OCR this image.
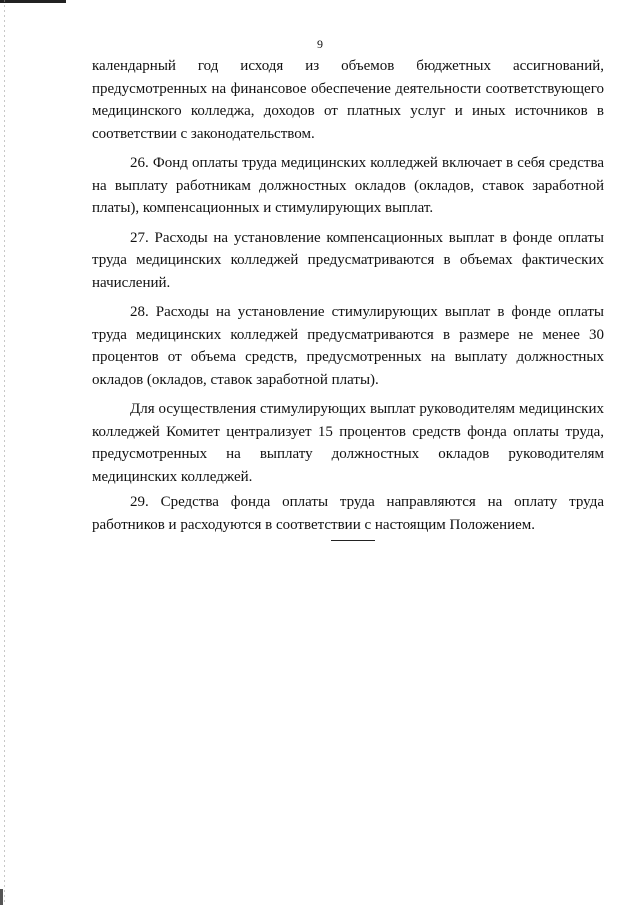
9

календарный год исходя из объемов бюджетных ассигнований, предусмотренных на финансовое обеспечение деятельности соответствующего медицинского колледжа, доходов от платных услуг и иных источников в соответствии с законодательством.

26. Фонд оплаты труда медицинских колледжей включает в себя средства на выплату работникам должностных окладов (окладов, ставок заработной платы), компенсационных и стимулирующих выплат.

27. Расходы на установление компенсационных выплат в фонде оплаты труда медицинских колледжей предусматриваются в объемах фактических начислений.

28. Расходы на установление стимулирующих выплат в фонде оплаты труда медицинских колледжей предусматриваются в размере не менее 30 процентов от объема средств, предусмотренных на выплату должностных окладов (окладов, ставок заработной платы).

Для осуществления стимулирующих выплат руководителям медицинских колледжей Комитет централизует 15 процентов средств фонда оплаты труда, предусмотренных на выплату должностных окладов руководителям медицинских колледжей.

29. Средства фонда оплаты труда направляются на оплату труда работников и расходуются в соответствии с настоящим Положением.
